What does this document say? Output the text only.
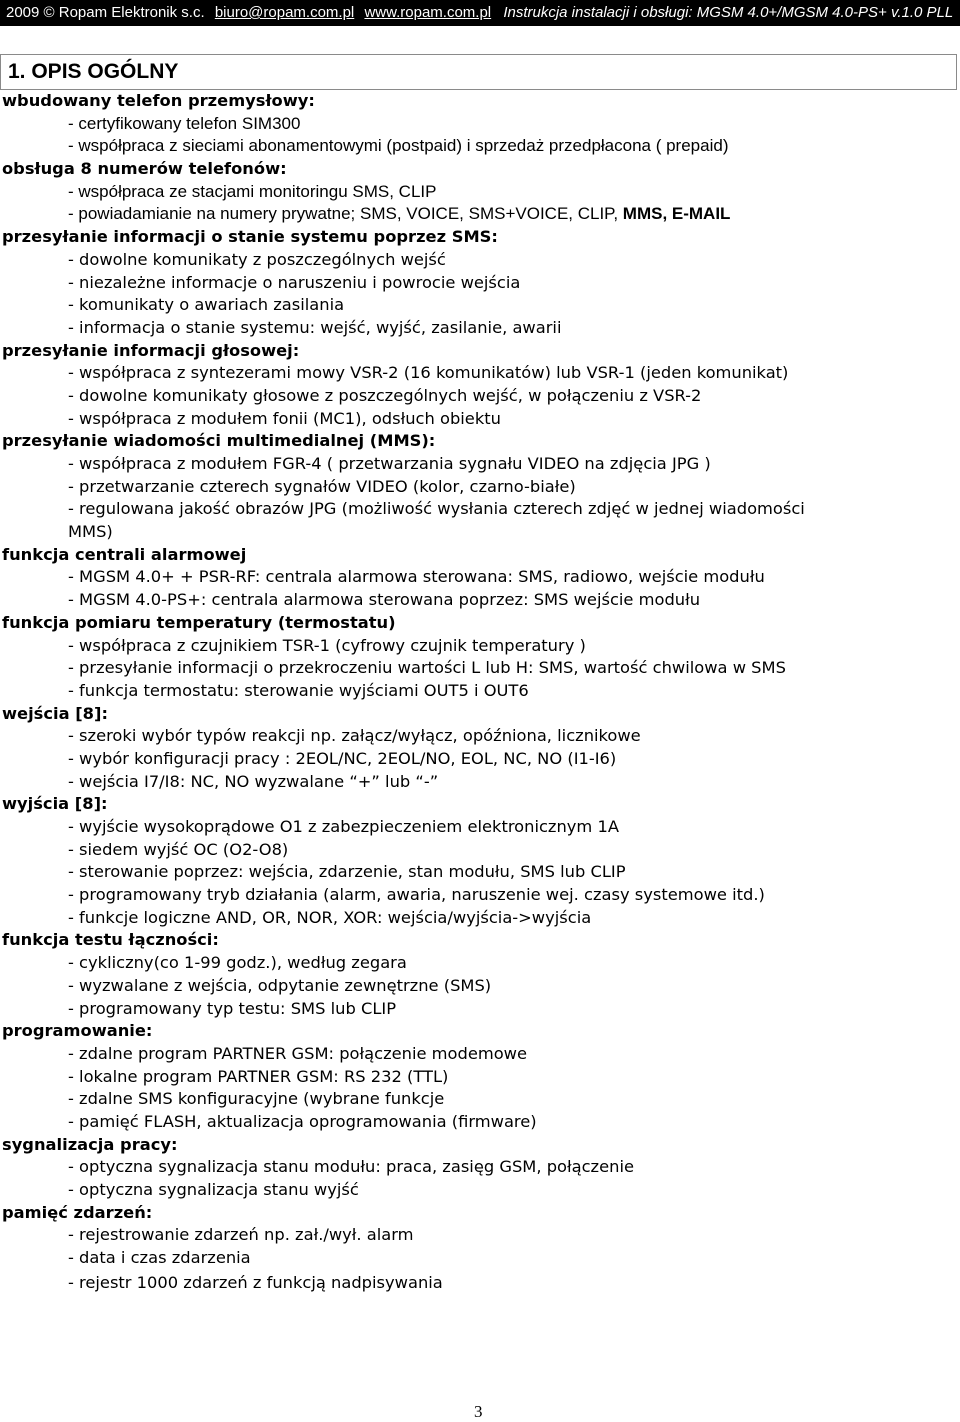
2009 © Ropam Elektronik s.c. biuro@ropam.com.pl www.ropam.com.pl Instrukcja instalacji i obsługi: MGSM 4.0+/MGSM 4.0-PS+ v.1.0 PLL
1. OPIS OGÓLNY
wbudowany telefon przemysłowy:
- certyfikowany telefon SIM300
- współpraca z sieciami abonamentowymi (postpaid) i sprzedaż przedpłacona ( prepaid)
obsługa 8 numerów telefonów:
- współpraca ze stacjami monitoringu SMS, CLIP
- powiadamianie na numery prywatne; SMS, VOICE, SMS+VOICE, CLIP, MMS, E-MAIL
przesyłanie informacji o stanie systemu poprzez SMS:
- dowolne komunikaty z poszczególnych wejść
- niezależne informacje o naruszeniu i powrocie wejścia
- komunikaty o awariach zasilania
- informacja o stanie systemu: wejść, wyjść, zasilanie, awarii
przesyłanie informacji głosowej:
- współpraca z syntezerami mowy VSR-2 (16 komunikatów) lub VSR-1 (jeden komunikat)
- dowolne komunikaty głosowe z poszczególnych wejść, w połączeniu z VSR-2
- współpraca z modułem fonii (MC1), odsłuch obiektu
przesyłanie wiadomości multimedialnej (MMS):
- współpraca z modułem FGR-4 ( przetwarzania sygnału VIDEO na zdjęcia JPG )
- przetwarzanie czterech sygnałów VIDEO (kolor, czarno-białe)
- regulowana jakość obrazów JPG (możliwość wysłania czterech zdjęć w jednej wiadomości
MMS)
funkcja centrali alarmowej
- MGSM 4.0+ + PSR-RF: centrala alarmowa sterowana: SMS, radiowo, wejście modułu
- MGSM 4.0-PS+: centrala alarmowa sterowana poprzez: SMS wejście modułu
funkcja pomiaru temperatury (termostatu)
- współpraca z czujnikiem TSR-1 (cyfrowy czujnik temperatury )
- przesyłanie informacji o przekroczeniu wartości L lub H: SMS, wartość chwilowa w SMS
- funkcja termostatu: sterowanie wyjściami OUT5 i OUT6
wejścia [8]:
- szeroki wybór typów reakcji np. załącz/wyłącz, opóźniona, licznikowe
- wybór konfiguracji pracy : 2EOL/NC, 2EOL/NO, EOL, NC, NO (I1-I6)
- wejścia I7/I8: NC, NO wyzwalane “+” lub “-”
wyjścia [8]:
- wyjście wysokoprądowe O1 z zabezpieczeniem elektronicznym 1A
- siedem wyjść OC (O2-O8)
- sterowanie poprzez: wejścia, zdarzenie, stan modułu, SMS lub CLIP
- programowany tryb działania (alarm, awaria, naruszenie wej. czasy systemowe itd.)
- funkcje logiczne AND, OR, NOR, XOR: wejścia/wyjścia->wyjścia
funkcja testu łączności:
- cykliczny(co 1-99 godz.), według zegara
- wyzwalane z wejścia, odpytanie zewnętrzne (SMS)
- programowany typ testu: SMS lub CLIP
programowanie:
- zdalne program PARTNER GSM: połączenie modemowe
- lokalne program PARTNER GSM: RS 232 (TTL)
- zdalne SMS konfiguracyjne (wybrane funkcje
- pamięć FLASH, aktualizacja oprogramowania (firmware)
sygnalizacja pracy:
- optyczna sygnalizacja stanu modułu: praca, zasięg GSM, połączenie
- optyczna sygnalizacja stanu wyjść
pamięć zdarzeń:
- rejestrowanie zdarzeń np. zał./wył. alarm
- data i czas zdarzenia
- rejestr 1000 zdarzeń z funkcją nadpisywania
3
